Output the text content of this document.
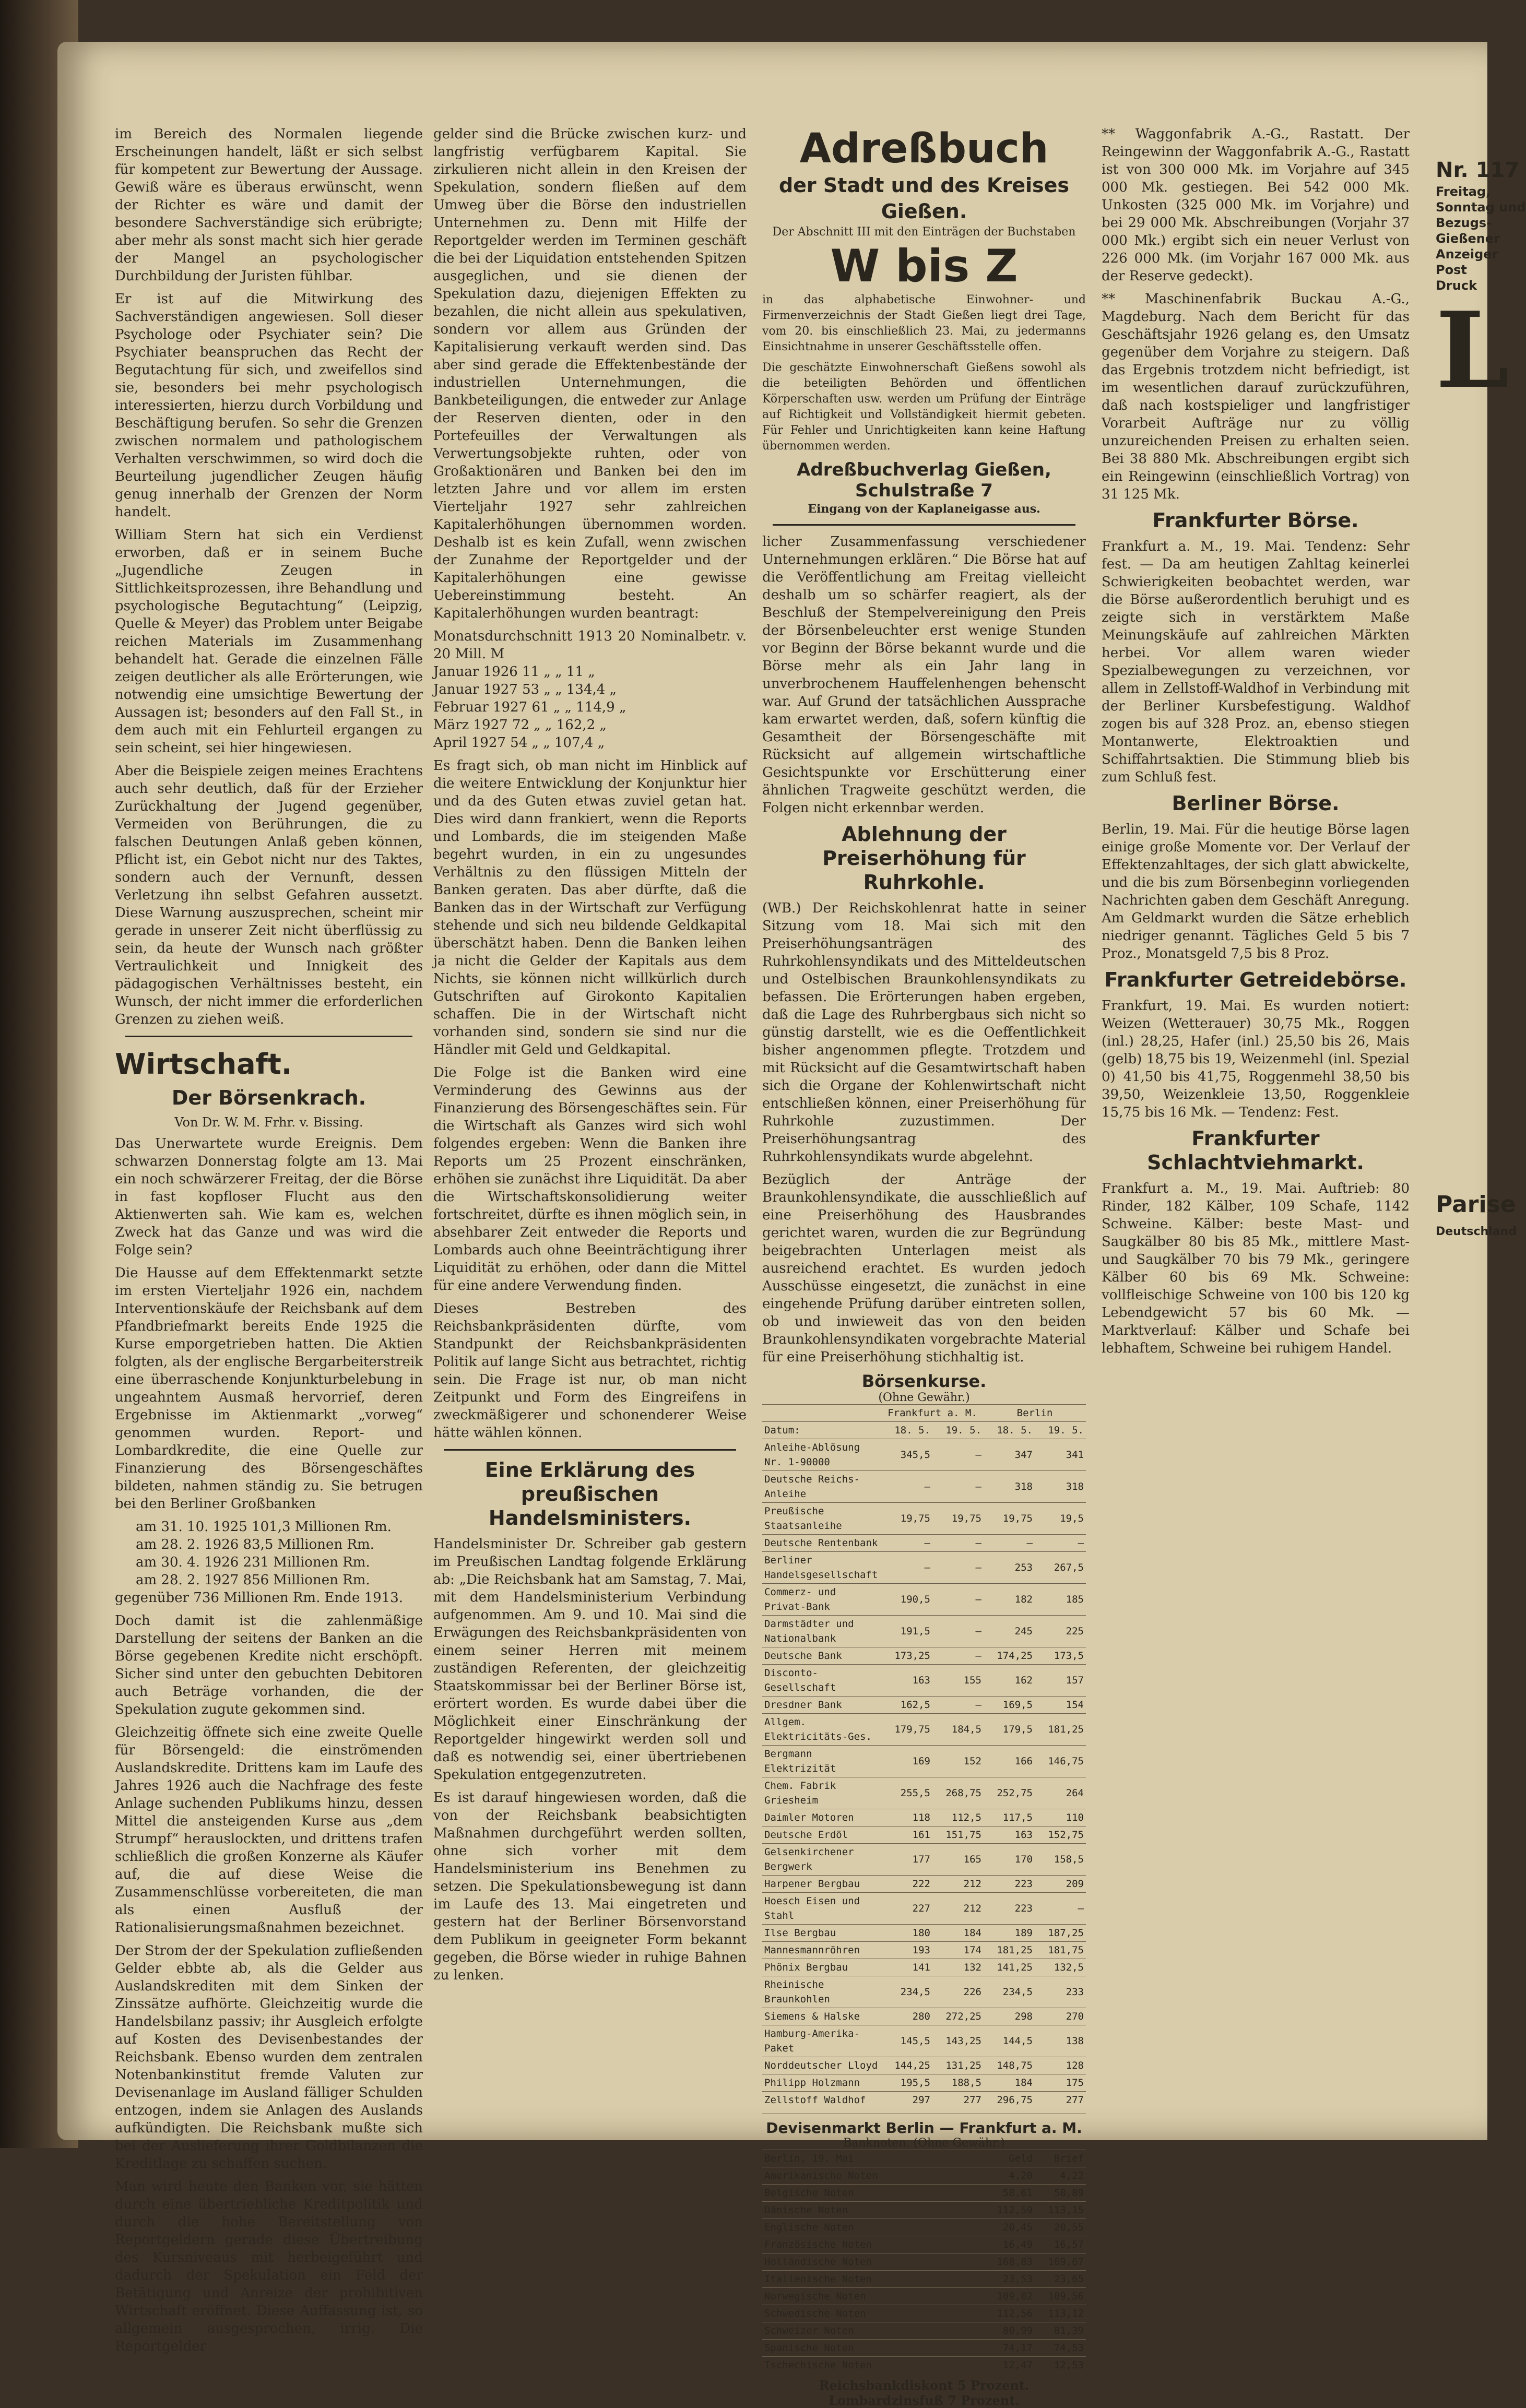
im Bereich des Normalen liegende Erscheinungen handelt, läßt er sich selbst für kompetent zur Bewertung der Aussage. Gewiß wäre es überaus erwünscht, wenn der Richter es wäre und damit der besondere Sachverständige sich erübrigte; aber mehr als sonst macht sich hier gerade der Mangel an psychologischer Durchbildung der Juristen fühlbar.

Er ist auf die Mitwirkung des Sachverständigen angewiesen. Soll dieser Psychologe oder Psychiater sein? Die Psychiater beanspruchen das Recht der Begutachtung für sich, und zweifellos sind sie, besonders bei mehr psychologisch interessierten, hierzu durch Vorbildung und Beschäftigung berufen. So sehr die Grenzen zwischen normalem und pathologischem Verhalten verschwimmen, so wird doch die Beurteilung jugendlicher Zeugen häufig genug innerhalb der Grenzen der Norm handelt.

William Stern hat sich ein Verdienst erworben, daß er in seinem Buche „Jugendliche Zeugen in Sittlichkeitsprozessen, ihre Behandlung und psychologische Begutachtung“ (Leipzig, Quelle & Meyer) das Problem unter Beigabe reichen Materials im Zusammenhang behandelt hat. Gerade die einzelnen Fälle zeigen deutlicher als alle Erörterungen, wie notwendig eine umsichtige Bewertung der Aussagen ist; besonders auf den Fall St., in dem auch mit ein Fehlurteil ergangen zu sein scheint, sei hier hingewiesen.

Aber die Beispiele zeigen meines Erachtens auch sehr deutlich, daß für der Erzieher Zurückhaltung der Jugend gegenüber, Vermeiden von Berührungen, die zu falschen Deutungen Anlaß geben können, Pflicht ist, ein Gebot nicht nur des Taktes, sondern auch der Vernunft, dessen Verletzung ihn selbst Gefahren aussetzt. Diese Warnung auszusprechen, scheint mir gerade in unserer Zeit nicht überflüssig zu sein, da heute der Wunsch nach größter Vertraulichkeit und Innigkeit des pädagogischen Verhältnisses besteht, ein Wunsch, der nicht immer die erforderlichen Grenzen zu ziehen weiß.

Wirtschaft.
Der Börsenkrach.
Von Dr. W. M. Frhr. v. Bissing.

Das Unerwartete wurde Ereignis. Dem schwarzen Donnerstag folgte am 13. Mai ein noch schwärzerer Freitag, der die Börse in fast kopfloser Flucht aus den Aktienwerten sah. Wie kam es, welchen Zweck hat das Ganze und was wird die Folge sein?

Die Hausse auf dem Effektenmarkt setzte im ersten Vierteljahr 1926 ein, nachdem Interventionskäufe der Reichsbank auf dem Pfandbriefmarkt bereits Ende 1925 die Kurse emporgetrieben hatten. Die Aktien folgten, als der englische Bergarbeiterstreik eine überraschende Konjunkturbelebung in ungeahntem Ausmaß hervorrief, deren Ergebnisse im Aktienmarkt „vorweg“ genommen wurden. Report- und Lombardkredite, die eine Quelle zur Finanzierung des Börsengeschäftes bildeten, nahmen ständig zu. Sie betrugen bei den Berliner Großbanken

am 31. 10. 1925 101,3 Millionen Rm.

am 28. 2. 1926 83,5 Millionen Rm.

am 30. 4. 1926 231 Millionen Rm.

am 28. 2. 1927 856 Millionen Rm.

gegenüber 736 Millionen Rm. Ende 1913.

Doch damit ist die zahlenmäßige Darstellung der seitens der Banken an die Börse gegebenen Kredite nicht erschöpft. Sicher sind unter den gebuchten Debitoren auch Beträge vorhanden, die der Spekulation zugute gekommen sind.

Gleichzeitig öffnete sich eine zweite Quelle für Börsengeld: die einströmenden Auslandskredite. Drittens kam im Laufe des Jahres 1926 auch die Nachfrage des feste Anlage suchenden Publikums hinzu, dessen Mittel die ansteigenden Kurse aus „dem Strumpf“ herauslockten, und drittens trafen schließlich die großen Konzerne als Käufer auf, die auf diese Weise die Zusammenschlüsse vorbereiteten, die man als einen Ausfluß der Rationalisierungsmaßnahmen bezeichnet.

Der Strom der der Spekulation zufließenden Gelder ebbte ab, als die Gelder aus Auslandskrediten mit dem Sinken der Zinssätze aufhörte. Gleichzeitig wurde die Handelsbilanz passiv; ihr Ausgleich erfolgte auf Kosten des Devisenbestandes der Reichsbank. Ebenso wurden dem zentralen Notenbankinstitut fremde Valuten zur Devisenanlage im Ausland fälliger Schulden entzogen, indem sie Anlagen des Auslands aufkündigten. Die Reichsbank mußte sich bei der Auslieferung ihrer Goldbilanzen die Kreditlage zu schaffen suchen.

Man wird heute den Banken vor, sie hätten durch eine übertriebliche Kreditpolitik und durch die hohe Bereitstellung von Reportgeldern gerade diese Übertreibung des Kursniveaus mit herbeigeführt und dadurch der Spekulation ein Feld der Betätigung und Anreize der prohibitiven Wirtschaft eröffnet. Diese Auffassung ist, so allgemein ausgesprochen, irrig. Die Reportgelder

gelder sind die Brücke zwischen kurz- und langfristig verfügbarem Kapital. Sie zirkulieren nicht allein in den Kreisen der Spekulation, sondern fließen auf dem Umweg über die Börse den industriellen Unternehmen zu. Denn mit Hilfe der Reportgelder werden im Terminen geschäft die bei der Liquidation entstehenden Spitzen ausgeglichen, und sie dienen der Spekulation dazu, diejenigen Effekten zu bezahlen, die nicht allein aus spekulativen, sondern vor allem aus Gründen der Kapitalisierung verkauft werden sind. Das aber sind gerade die Effektenbestände der industriellen Unternehmungen, die Bankbeteiligungen, die entweder zur Anlage der Reserven dienten, oder in den Portefeuilles der Verwaltungen als Verwertungsobjekte ruhten, oder von Großaktionären und Banken bei den im letzten Jahre und vor allem im ersten Vierteljahr 1927 sehr zahlreichen Kapitalerhöhungen übernommen worden. Deshalb ist es kein Zufall, wenn zwischen der Zunahme der Reportgelder und der Kapitalerhöhungen eine gewisse Uebereinstimmung besteht. An Kapitalerhöhungen wurden beantragt:

Monatsdurchschnitt 1913 20 Nominalbetr. v. 20 Mill. M

Januar 1926 11 „ „ 11 „

Januar 1927 53 „ „ 134,4 „

Februar 1927 61 „ „ 114,9 „

März 1927 72 „ „ 162,2 „

April 1927 54 „ „ 107,4 „

Es fragt sich, ob man nicht im Hinblick auf die weitere Entwicklung der Konjunktur hier und da des Guten etwas zuviel getan hat. Dies wird dann frankiert, wenn die Reports und Lombards, die im steigenden Maße begehrt wurden, in ein zu ungesundes Verhältnis zu den flüssigen Mitteln der Banken geraten. Das aber dürfte, daß die Banken das in der Wirtschaft zur Verfügung stehende und sich neu bildende Geldkapital überschätzt haben. Denn die Banken leihen ja nicht die Gelder der Kapitals aus dem Nichts, sie können nicht willkürlich durch Gutschriften auf Girokonto Kapitalien schaffen. Die in der Wirtschaft nicht vorhanden sind, sondern sie sind nur die Händler mit Geld und Geldkapital.

Die Folge ist die Banken wird eine Verminderung des Gewinns aus der Finanzierung des Börsengeschäftes sein. Für die Wirtschaft als Ganzes wird sich wohl folgendes ergeben: Wenn die Banken ihre Reports um 25 Prozent einschränken, erhöhen sie zunächst ihre Liquidität. Da aber die Wirtschaftskonsolidierung weiter fortschreitet, dürfte es ihnen möglich sein, in absehbarer Zeit entweder die Reports und Lombards auch ohne Beeinträchtigung ihrer Liquidität zu erhöhen, oder dann die Mittel für eine andere Verwendung finden.

Dieses Bestreben des Reichsbankpräsidenten dürfte, vom Standpunkt der Reichsbankpräsidenten Politik auf lange Sicht aus betrachtet, richtig sein. Die Frage ist nur, ob man nicht Zeitpunkt und Form des Eingreifens in zweckmäßigerer und schonenderer Weise hätte wählen können.

Eine Erklärung des preußischen Handelsministers.

Handelsminister Dr. Schreiber gab gestern im Preußischen Landtag folgende Erklärung ab: „Die Reichsbank hat am Samstag, 7. Mai, mit dem Handelsministerium Verbindung aufgenommen. Am 9. und 10. Mai sind die Erwägungen des Reichsbankpräsidenten von einem seiner Herren mit meinem zuständigen Referenten, der gleichzeitig Staatskommissar bei der Berliner Börse ist, erörtert worden. Es wurde dabei über die Möglichkeit einer Einschränkung der Reportgelder hingewirkt werden soll und daß es notwendig sei, einer übertriebenen Spekulation entgegenzutreten.

Es ist darauf hingewiesen worden, daß die von der Reichsbank beabsichtigten Maßnahmen durchgeführt werden sollten, ohne sich vorher mit dem Handelsministerium ins Benehmen zu setzen. Die Spekulationsbewegung ist dann im Laufe des 13. Mai eingetreten und gestern hat der Berliner Börsenvorstand dem Publikum in geeigneter Form bekannt gegeben, die Börse wieder in ruhige Bahnen zu lenken.

Adreßbuch
der Stadt und des Kreises Gießen.
Der Abschnitt III mit den Einträgen der Buchstaben
W bis Z
in das alphabetische Einwohner- und Firmenverzeichnis der Stadt Gießen liegt drei Tage, vom 20. bis einschließlich 23. Mai, zu jedermanns Einsichtnahme in unserer Geschäftsstelle offen.
Die geschätzte Einwohnerschaft Gießens sowohl als die beteiligten Behörden und öffentlichen Körperschaften usw. werden um Prüfung der Einträge auf Richtigkeit und Vollständigkeit hiermit gebeten. Für Fehler und Unrichtigkeiten kann keine Haftung übernommen werden.
Adreßbuchverlag Gießen, Schulstraße 7
Eingang von der Kaplaneigasse aus.

licher Zusammenfassung verschiedener Unternehmungen erklären.“ Die Börse hat auf die Veröffentlichung am Freitag vielleicht deshalb um so schärfer reagiert, als der Beschluß der Stempelvereinigung den Preis der Börsenbeleuchter erst wenige Stunden vor Beginn der Börse bekannt wurde und die Börse mehr als ein Jahr lang in unverbrochenem Hauffelenhengen behenscht war. Auf Grund der tatsächlichen Aussprache kam erwartet werden, daß, sofern künftig die Gesamtheit der Börsengeschäfte mit Rücksicht auf allgemein wirtschaftliche Gesichtspunkte vor Erschütterung einer ähnlichen Tragweite geschützt werden, die Folgen nicht erkennbar werden.

Ablehnung der Preiserhöhung für Ruhrkohle.

(WB.) Der Reichskohlenrat hatte in seiner Sitzung vom 18. Mai sich mit den Preiserhöhungsanträgen des Ruhrkohlensyndikats und des Mitteldeutschen und Ostelbischen Braunkohlensyndikats zu befassen. Die Erörterungen haben ergeben, daß die Lage des Ruhrbergbaus sich nicht so günstig darstellt, wie es die Oeffentlichkeit bisher angenommen pflegte. Trotzdem und mit Rücksicht auf die Gesamtwirtschaft haben sich die Organe der Kohlenwirtschaft nicht entschließen können, einer Preiserhöhung für Ruhrkohle zuzustimmen. Der Preiserhöhungsantrag des Ruhrkohlensyndikats wurde abgelehnt.

Bezüglich der Anträge der Braunkohlensyndikate, die ausschließlich auf eine Preiserhöhung des Hausbrandes gerichtet waren, wurden die zur Begründung beigebrachten Unterlagen meist als ausreichend erachtet. Es wurden jedoch Ausschüsse eingesetzt, die zunächst in eine eingehende Prüfung darüber eintreten sollen, ob und inwieweit das von den beiden Braunkohlensyndikaten vorgebrachte Material für eine Preiserhöhung stichhaltig ist.

Börsenkurse.
(Ohne Gewähr.)
	Frankfurt a. M.		Berlin	
Datum:	18. 5.	19. 5.	18. 5.	19. 5.
Anleihe-Ablösung Nr. 1-90000	345,5	—	347	341
Deutsche Reichs-Anleihe	—	—	318	318
Preußische Staatsanleihe	19,75	19,75	19,75	19,5
Deutsche Rentenbank	—	—	—	—
Berliner Handelsgesellschaft	—	—	253	267,5
Commerz- und Privat-Bank	190,5	—	182	185
Darmstädter und Nationalbank	191,5	—	245	225
Deutsche Bank	173,25	—	174,25	173,5
Disconto-Gesellschaft	163	155	162	157
Dresdner Bank	162,5	—	169,5	154
Allgem. Elektricitäts-Ges.	179,75	184,5	179,5	181,25
Bergmann Elektrizität	169	152	166	146,75
Chem. Fabrik Griesheim	255,5	268,75	252,75	264
Daimler Motoren	118	112,5	117,5	110
Deutsche Erdöl	161	151,75	163	152,75
Gelsenkirchener Bergwerk	177	165	170	158,5
Harpener Bergbau	222	212	223	209
Hoesch Eisen und Stahl	227	212	223	—
Ilse Bergbau	180	184	189	187,25
Mannesmannröhren	193	174	181,25	181,75
Phönix Bergbau	141	132	141,25	132,5
Rheinische Braunkohlen	234,5	226	234,5	233
Siemens & Halske	280	272,25	298	270
Hamburg-Amerika-Paket	145,5	143,25	144,5	138
Norddeutscher Lloyd	144,25	131,25	148,75	128
Philipp Holzmann	195,5	188,5	184	175
Zellstoff Waldhof	297	277	296,75	277
Devisenmarkt Berlin — Frankfurt a. M.
Banknoten. (Ohne Gewähr.)
Berlin, 19. Mai	Geld	Brief
Amerikanische Noten	4,20	4,22
Belgische Noten	58,61	58,89
Dänische Noten	112,59	113,15
Englische Noten	20,45	20,55
Französische Noten	16,49	16,57
Holländische Noten	168,83	169,67
Italienische Noten	23,53	23,65
Norwegische Noten	109,02	109,56
Schwedische Noten	112,56	113,12
Schweizer Noten	80,99	81,39
Spanische Noten	74,17	74,53
Tschechische Noten	12,47	12,53
Reichsbankdiskont 5 Prozent.
Lombardzinsfuß 7 Prozent.

** Waggonfabrik A.-G., Rastatt. Der Reingewinn der Waggonfabrik A.-G., Rastatt ist von 300 000 Mk. im Vorjahre auf 345 000 Mk. gestiegen. Bei 542 000 Mk. Unkosten (325 000 Mk. im Vorjahre) und bei 29 000 Mk. Abschreibungen (Vorjahr 37 000 Mk.) ergibt sich ein neuer Verlust von 226 000 Mk. (im Vorjahr 167 000 Mk. aus der Reserve gedeckt).

** Maschinenfabrik Buckau A.-G., Magdeburg. Nach dem Bericht für das Geschäftsjahr 1926 gelang es, den Umsatz gegenüber dem Vorjahre zu steigern. Daß das Ergebnis trotzdem nicht befriedigt, ist im wesentlichen darauf zurückzuführen, daß nach kostspieliger und langfristiger Vorarbeit Aufträge nur zu völlig unzureichenden Preisen zu erhalten seien. Bei 38 880 Mk. Abschreibungen ergibt sich ein Reingewinn (einschließlich Vortrag) von 31 125 Mk.

Frankfurter Börse.

Frankfurt a. M., 19. Mai. Tendenz: Sehr fest. — Da am heutigen Zahltag keinerlei Schwierigkeiten beobachtet werden, war die Börse außerordentlich beruhigt und es zeigte sich in verstärktem Maße Meinungskäufe auf zahlreichen Märkten herbei. Vor allem waren wieder Spezialbewegungen zu verzeichnen, vor allem in Zellstoff-Waldhof in Verbindung mit der Berliner Kursbefestigung. Waldhof zogen bis auf 328 Proz. an, ebenso stiegen Montanwerte, Elektroaktien und Schiffahrtsaktien. Die Stimmung blieb bis zum Schluß fest.

Berliner Börse.

Berlin, 19. Mai. Für die heutige Börse lagen einige große Momente vor. Der Verlauf der Effektenzahltages, der sich glatt abwickelte, und die bis zum Börsenbeginn vorliegenden Nachrichten gaben dem Geschäft Anregung. Am Geldmarkt wurden die Sätze erheblich niedriger genannt. Tägliches Geld 5 bis 7 Proz., Monatsgeld 7,5 bis 8 Proz.

Frankfurter Getreidebörse.

Frankfurt, 19. Mai. Es wurden notiert: Weizen (Wetterauer) 30,75 Mk., Roggen (inl.) 28,25, Hafer (inl.) 25,50 bis 26, Mais (gelb) 18,75 bis 19, Weizenmehl (inl. Spezial 0) 41,50 bis 41,75, Roggenmehl 38,50 bis 39,50, Weizenkleie 13,50, Roggenkleie 15,75 bis 16 Mk. — Tendenz: Fest.

Frankfurter Schlachtviehmarkt.

Frankfurt a. M., 19. Mai. Auftrieb: 80 Rinder, 182 Kälber, 109 Schafe, 1142 Schweine. Kälber: beste Mast- und Saugkälber 80 bis 85 Mk., mittlere Mast- und Saugkälber 70 bis 79 Mk., geringere Kälber 60 bis 69 Mk. Schweine: vollfleischige Schweine von 100 bis 120 kg Lebendgewicht 57 bis 60 Mk. — Marktverlauf: Kälber und Schafe bei lebhaftem, Schweine bei ruhigem Handel.

Nr. 117
Freitag,
Sonntag und
Bezugs-
Gießener
Anzeiger
Post
Druck
L
Parise
Deutschland
